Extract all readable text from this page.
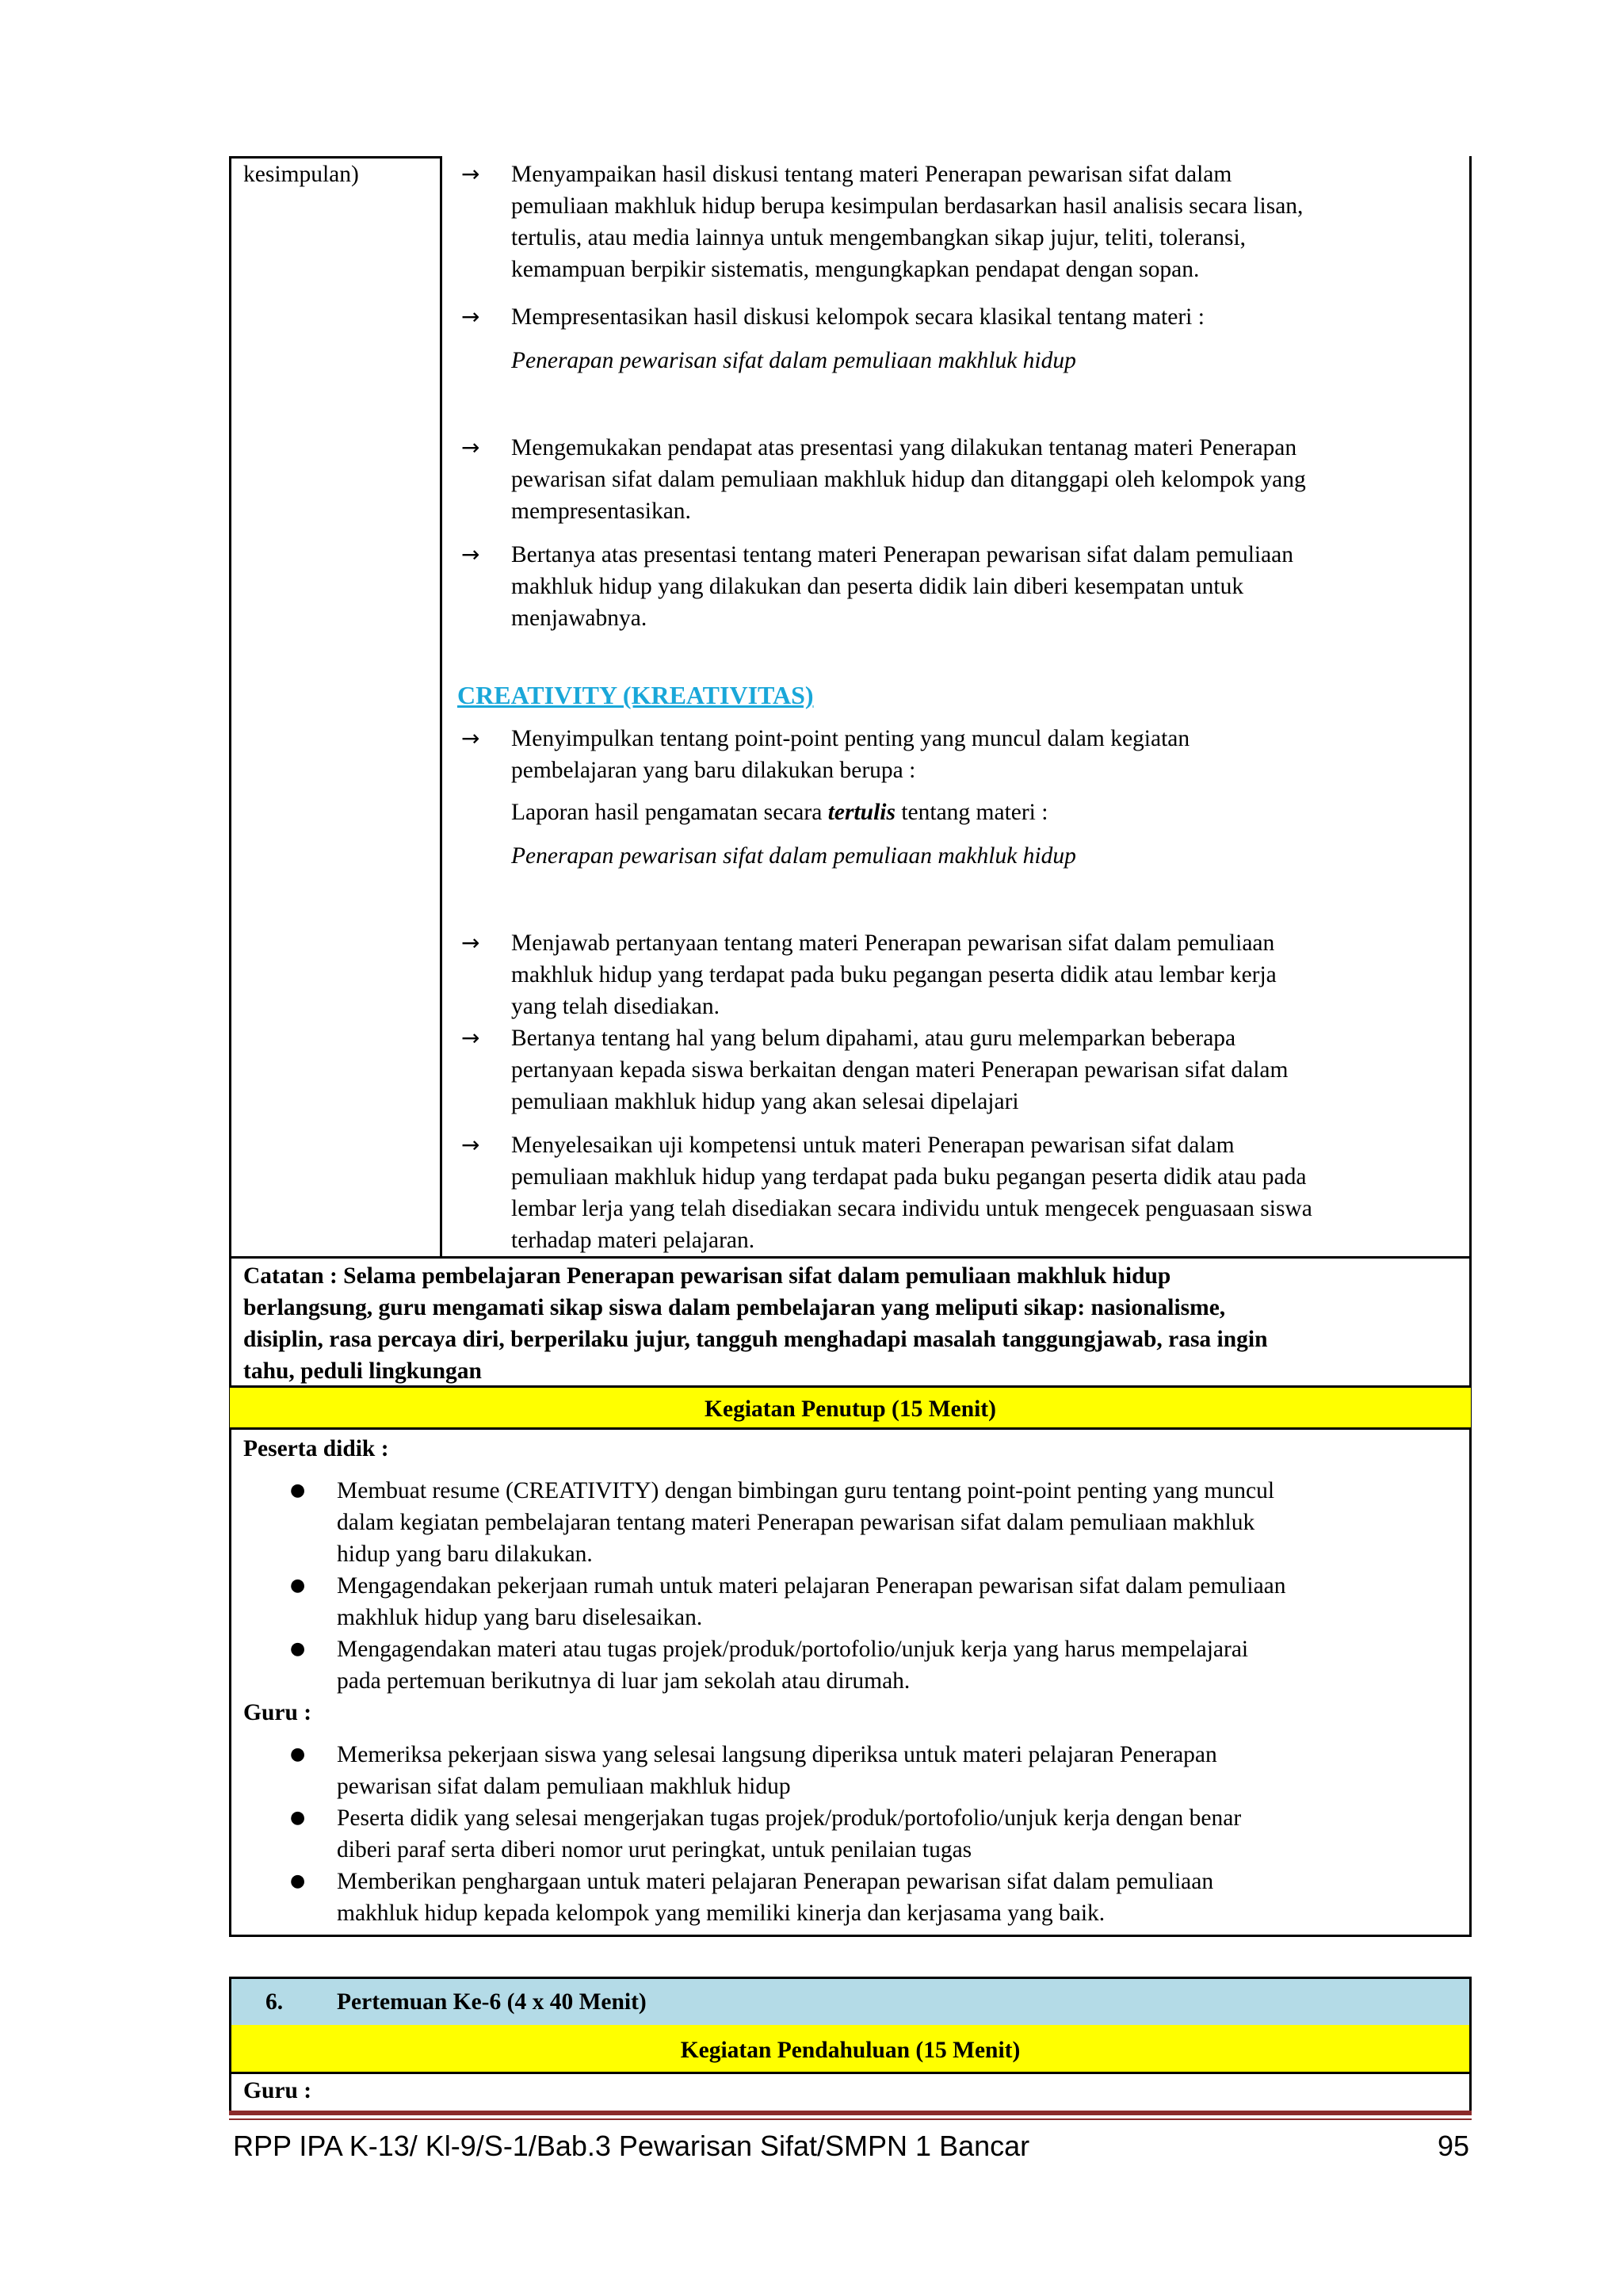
kesimpulan)	→ Menyampaikan hasil diskusi tentang materi Penerapan pewarisan sifat dalam
pemuliaan makhluk hidup berupa kesimpulan berdasarkan hasil analisis secara lisan,
tertulis, atau media lainnya untuk mengembangkan sikap jujur, teliti, toleransi,
kemampuan berpikir sistematis, mengungkapkan pendapat dengan sopan.
→ Mempresentasikan hasil diskusi kelompok secara klasikal tentang materi :
Penerapan pewarisan sifat dalam pemuliaan makhluk hidup
→ Mengemukakan pendapat atas presentasi yang dilakukan tentanag materi Penerapan
pewarisan sifat dalam pemuliaan makhluk hidup dan ditanggapi oleh kelompok yang
mempresentasikan.
→ Bertanya atas presentasi tentang materi Penerapan pewarisan sifat dalam pemuliaan
makhluk hidup yang dilakukan dan peserta didik lain diberi kesempatan untuk
menjawabnya.
CREATIVITY (KREATIVITAS)
→ Menyimpulkan tentang point-point penting yang muncul dalam kegiatan
pembelajaran yang baru dilakukan berupa :
Laporan hasil pengamatan secara tertulis tentang materi :
Penerapan pewarisan sifat dalam pemuliaan makhluk hidup
→ Menjawab pertanyaan tentang materi Penerapan pewarisan sifat dalam pemuliaan
makhluk hidup yang terdapat pada buku pegangan peserta didik atau lembar kerja
yang telah disediakan.
→ Bertanya tentang hal yang belum dipahami, atau guru melemparkan beberapa
pertanyaan kepada siswa berkaitan dengan materi Penerapan pewarisan sifat dalam
pemuliaan makhluk hidup yang akan selesai dipelajari
→ Menyelesaikan uji kompetensi untuk materi Penerapan pewarisan sifat dalam
pemuliaan makhluk hidup yang terdapat pada buku pegangan peserta didik atau pada
lembar lerja yang telah disediakan secara individu untuk mengecek penguasaan siswa
terhadap materi pelajaran.
Catatan : Selama pembelajaran Penerapan pewarisan sifat dalam pemuliaan makhluk hidup
berlangsung, guru mengamati sikap siswa dalam pembelajaran yang meliputi sikap: nasionalisme,
disiplin, rasa percaya diri, berperilaku jujur, tangguh menghadapi masalah tanggungjawab, rasa ingin
tahu, peduli lingkungan
Kegiatan Penutup (15 Menit)
Peserta didik :
● Membuat resume (CREATIVITY) dengan bimbingan guru tentang point-point penting yang muncul
dalam kegiatan pembelajaran tentang materi Penerapan pewarisan sifat dalam pemuliaan makhluk
hidup yang baru dilakukan.
● Mengagendakan pekerjaan rumah untuk materi pelajaran Penerapan pewarisan sifat dalam pemuliaan
makhluk hidup yang baru diselesaikan.
● Mengagendakan materi atau tugas projek/produk/portofolio/unjuk kerja yang harus mempelajarai
pada pertemuan berikutnya di luar jam sekolah atau dirumah.
Guru :
● Memeriksa pekerjaan siswa yang selesai langsung diperiksa untuk materi pelajaran Penerapan
pewarisan sifat dalam pemuliaan makhluk hidup
● Peserta didik yang selesai mengerjakan tugas projek/produk/portofolio/unjuk kerja dengan benar
diberi paraf serta diberi nomor urut peringkat, untuk penilaian tugas
● Memberikan penghargaan untuk materi pelajaran Penerapan pewarisan sifat dalam pemuliaan
makhluk hidup kepada kelompok yang memiliki kinerja dan kerjasama yang baik.
6. Pertemuan Ke-6 (4 x 40 Menit)
Kegiatan Pendahuluan (15 Menit)
Guru :
RPP IPA K-13/ Kl-9/S-1/Bab.3 Pewarisan Sifat/SMPN 1 Bancar	95
